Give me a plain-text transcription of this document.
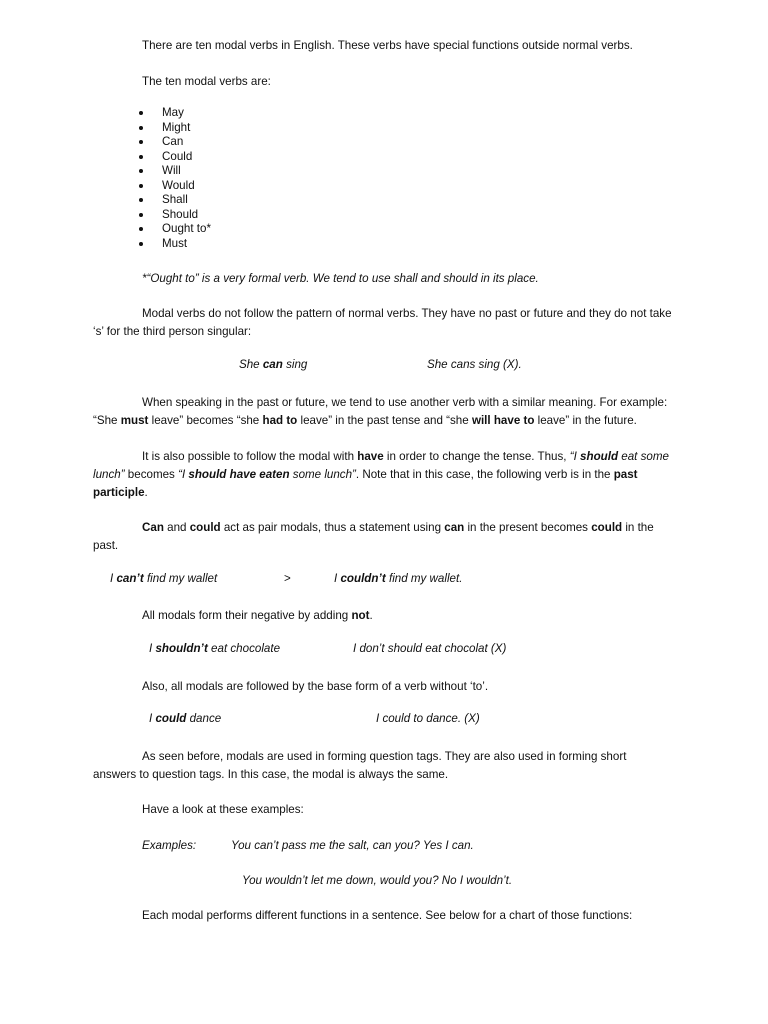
There are ten modal verbs in English. These verbs have special functions outside normal verbs.
The ten modal verbs are:
May
Might
Can
Could
Will
Would
Shall
Should
Ought to*
Must
*“Ought to” is a very formal verb. We tend to use shall and should in its place.
Modal verbs do not follow the pattern of normal verbs. They have no past or future and they do not take
‘s’ for the third person singular:
She can sing	She cans sing (X).
When speaking in the past or future, we tend to use another verb with a similar meaning. For example:
“She must leave” becomes “she had to leave” in the past tense and “she will have to leave” in the future.
It is also possible to follow the modal with have in order to change the tense. Thus, “I should eat some
lunch” becomes “I should have eaten some lunch”. Note that in this case, the following verb is in the past
participle.
Can and could act as pair modals, thus a statement using can in the present becomes could in the
past.
I can’t find my wallet	>	I couldn’t find my wallet.
All modals form their negative by adding not.
I shouldn’t eat chocolate	I don’t should eat chocolat (X)
Also, all modals are followed by the base form of a verb without ‘to’.
I could dance	I could to dance. (X)
As seen before, modals are used in forming question tags. They are also used in forming short
answers to question tags. In this case, the modal is always the same.
Have a look at these examples:
Examples:	You can’t pass me the salt, can you? Yes I can.
You wouldn’t let me down, would you? No I wouldn’t.
Each modal performs different functions in a sentence. See below for a chart of those functions:
